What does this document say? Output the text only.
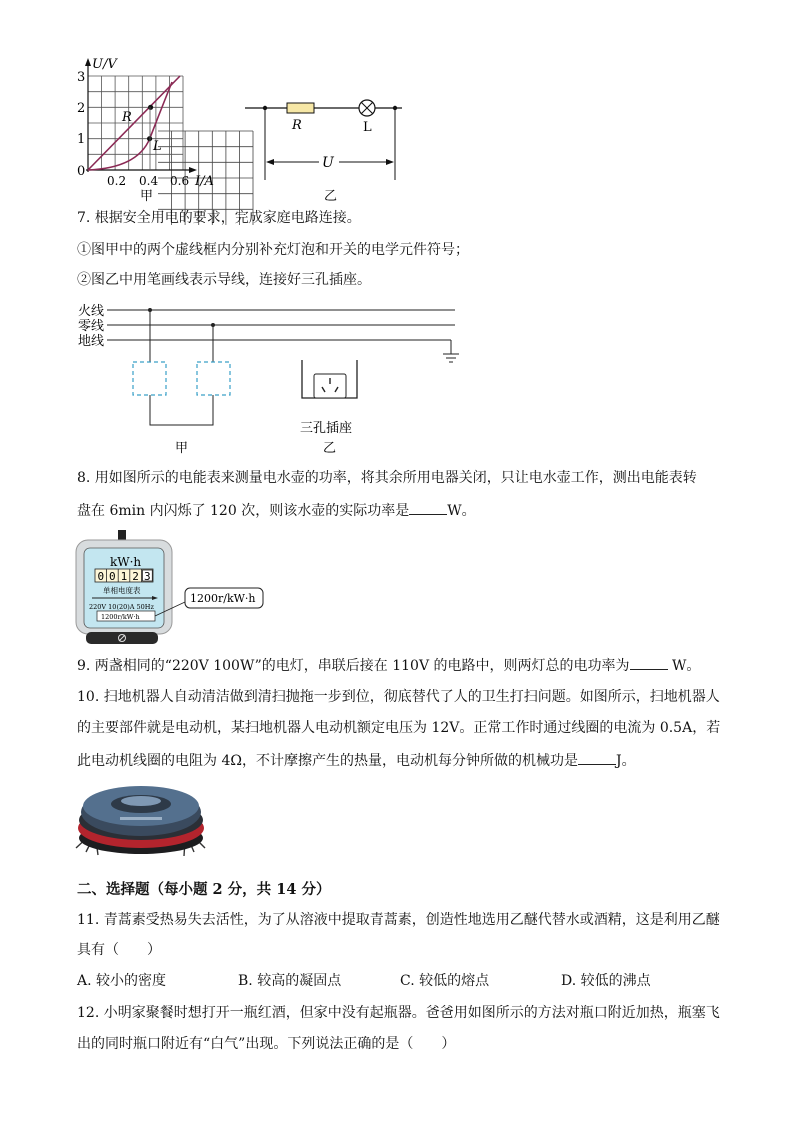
U/V
3
2
1
0
0.2 0.4 0.6 I/A
R
L
甲
U
R	L
乙
7. 根据安全用电的要求，完成家庭电路连接。
①图甲中的两个虚线框内分别补充灯泡和开关的电学元件符号；
②图乙中用笔画线表示导线，连接好三孔插座。
火线
零线
地线
甲
三孔插座
乙
8. 用如图所示的电能表来测量电水壶的功率，将其余所用电器关闭，只让电水壶工作，测出电能表转
盘在 6min 内闪烁了 120 次，则该水壶的实际功率是	W。
kW·h
0 0 1 2 3
单相电度表
220V 10(20)A 50Hz
1200r/kW·h
1200r/kW·h
9. 两盏相同的“220V 100W”的电灯，串联后接在 110V 的电路中，则两灯总的电功率为	W。
10. 扫地机器人自动清洁做到清扫抛拖一步到位，彻底替代了人的卫生打扫问题。如图所示，扫地机器人
的主要部件就是电动机，某扫地机器人电动机额定电压为 12V。正常工作时通过线圈的电流为 0.5A，若
此电动机线圈的电阻为 4Ω，不计摩擦产生的热量，电动机每分钟所做的机械功是	J。
二、选择题（每小题 2 分，共 14 分）
11. 青蒿素受热易失去活性，为了从溶液中提取青蒿素，创造性地选用乙醚代替水或酒精，这是利用乙醚
具有（　　）
A. 较小的密度	B. 较高的凝固点	C. 较低的熔点	D. 较低的沸点
12. 小明家聚餐时想打开一瓶红酒，但家中没有起瓶器。爸爸用如图所示的方法对瓶口附近加热，瓶塞飞
出的同时瓶口附近有“白气”出现。下列说法正确的是（　　）
